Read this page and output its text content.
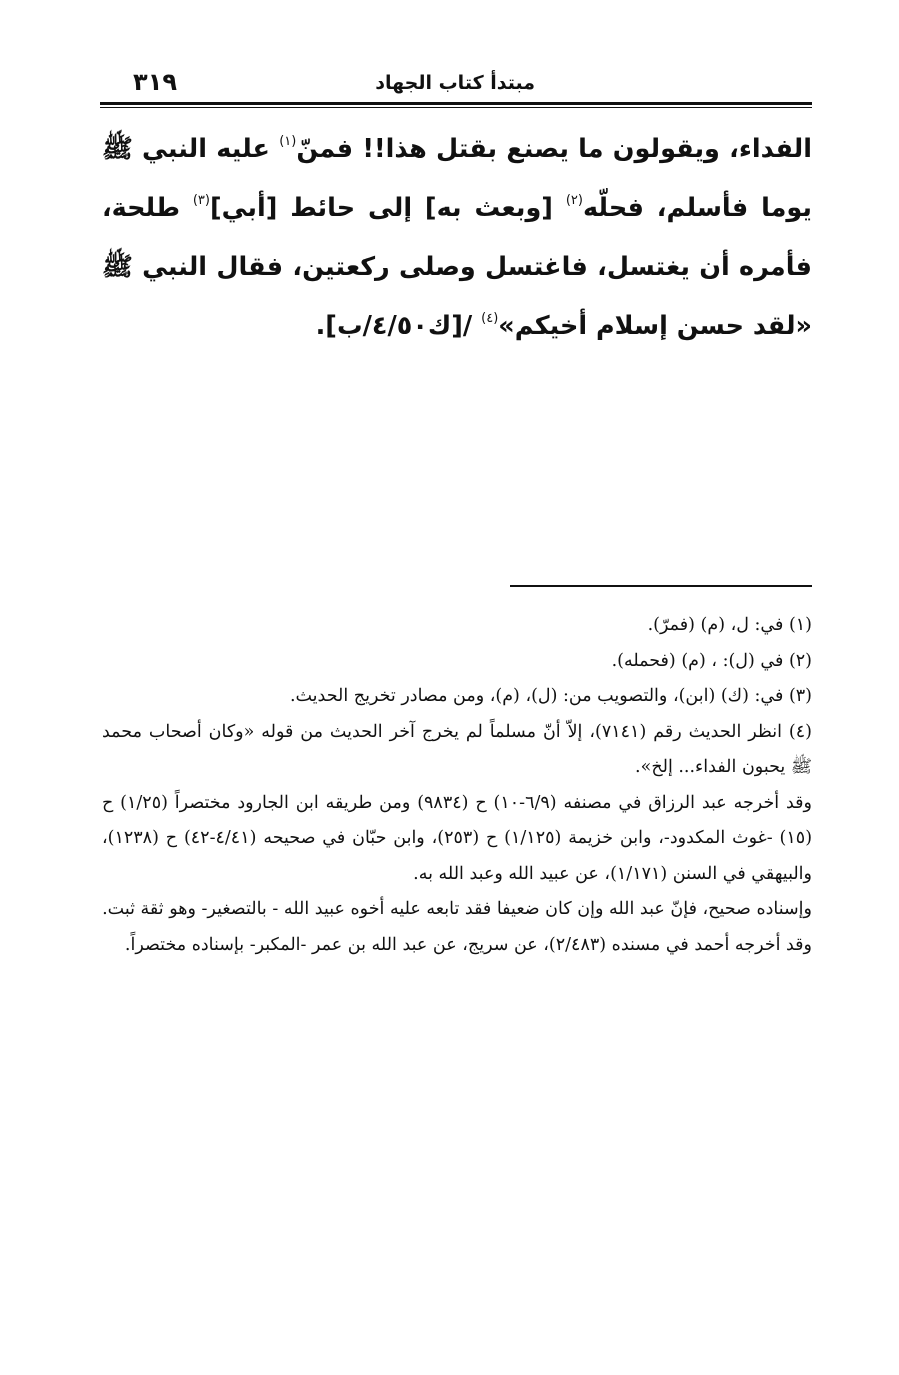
٣١٩	مبتدأ كتاب الجهاد

الفداء، ويقولون ما يصنع بقتل هذا!! فمنّ$^{(١)}$ عليه النبي ﷺ يوما فأسلم، فحلّه$^{(٢)}$ [وبعث به] إلى حائط [أبي]$^{(٣)}$ طلحة، فأمره أن يغتسل، فاغتسل وصلى ركعتين، فقال النبي ﷺ «لقد حسن إسلام أخيكم»$^{(٤)}$ /[ك٤/٥٠/ب].

(١) في: ل، (م) (فمرّ).
(٢) في (ل): ، (م) (فحمله).
(٣) في: (ك) (ابن)، والتصويب من: (ل)، (م)، ومن مصادر تخريج الحديث.
(٤) انظر الحديث رقم (٧١٤١)، إلاّ أنّ مسلماً لم يخرج آخر الحديث من قوله «وكان أصحاب محمد ﷺ يحبون الفداء... إلخ».
وقد أخرجه عبد الرزاق في مصنفه (٦/٩-١٠) ح (٩٨٣٤) ومن طريقه ابن الجارود مختصراً (١/٢٥) ح (١٥) -غوث المكدود-، وابن خزيمة (١/١٢٥) ح (٢٥٣)، وابن حبّان في صحيحه (٤/٤١-٤٢) ح (١٢٣٨)، والبيهقي في السنن (١/١٧١)، عن عبيد الله وعبد الله به.
وإسناده صحيح، فإنّ عبد الله وإن كان ضعيفا فقد تابعه عليه أخوه عبيد الله - بالتصغير- وهو ثقة ثبت.
وقد أخرجه أحمد في مسنده (٢/٤٨٣)، عن سريج، عن عبد الله بن عمر -المكبر- بإسناده مختصراً.
